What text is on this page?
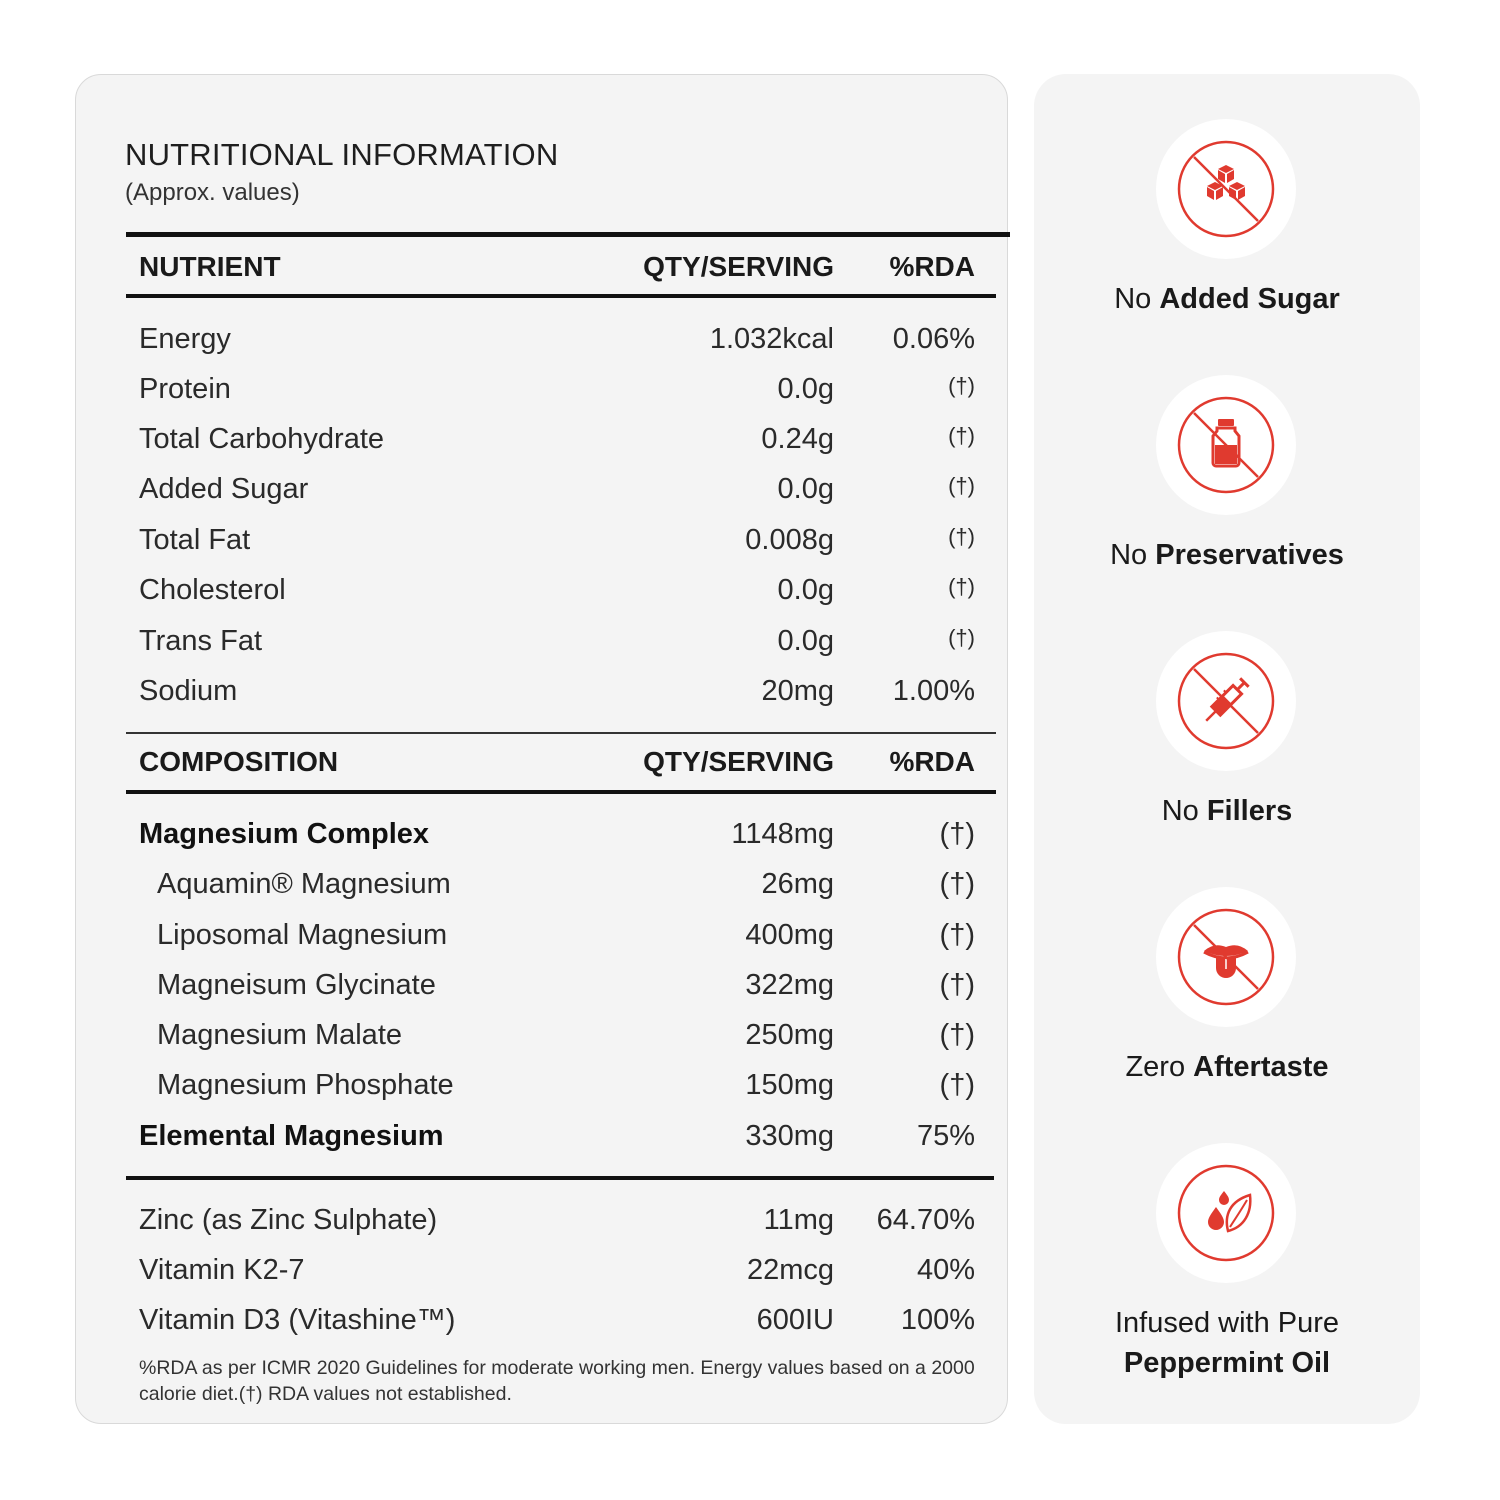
NUTRITIONAL INFORMATION
(Approx. values)
NUTRIENT	QTY/SERVING %RDA
Energy	1.032kcal 0.06%
Protein	0.0g	(†)
Total Carbohydrate	0.24g	(†)
Added Sugar	0.0g	(†)
Total Fat	0.008g	(†)
Cholesterol	0.0g	(†)
Trans Fat	0.0g	(†)
Sodium	20mg 1.00%
COMPOSITION	QTY/SERVING %RDA
Magnesium Complex	1148mg	(†)
Aquamin® Magnesium	26mg	(†)
Liposomal Magnesium	400mg	(†)
Magneisum Glycinate	322mg	(†)
Magnesium Malate	250mg	(†)
Magnesium Phosphate	150mg	(†)
Elemental Magnesium	330mg	75%
Zinc (as Zinc Sulphate)	11mg 64.70%
Vitamin K2-7	22mcg	40%
Vitamin D3 (Vitashine™)	600IU 100%
%RDA as per ICMR 2020 Guidelines for moderate working men. Energy values based on a 2000 calorie diet.(†) RDA values not established.
No Added Sugar
No Preservatives
No Fillers
Zero Aftertaste
Infused with Pure
Peppermint Oil
